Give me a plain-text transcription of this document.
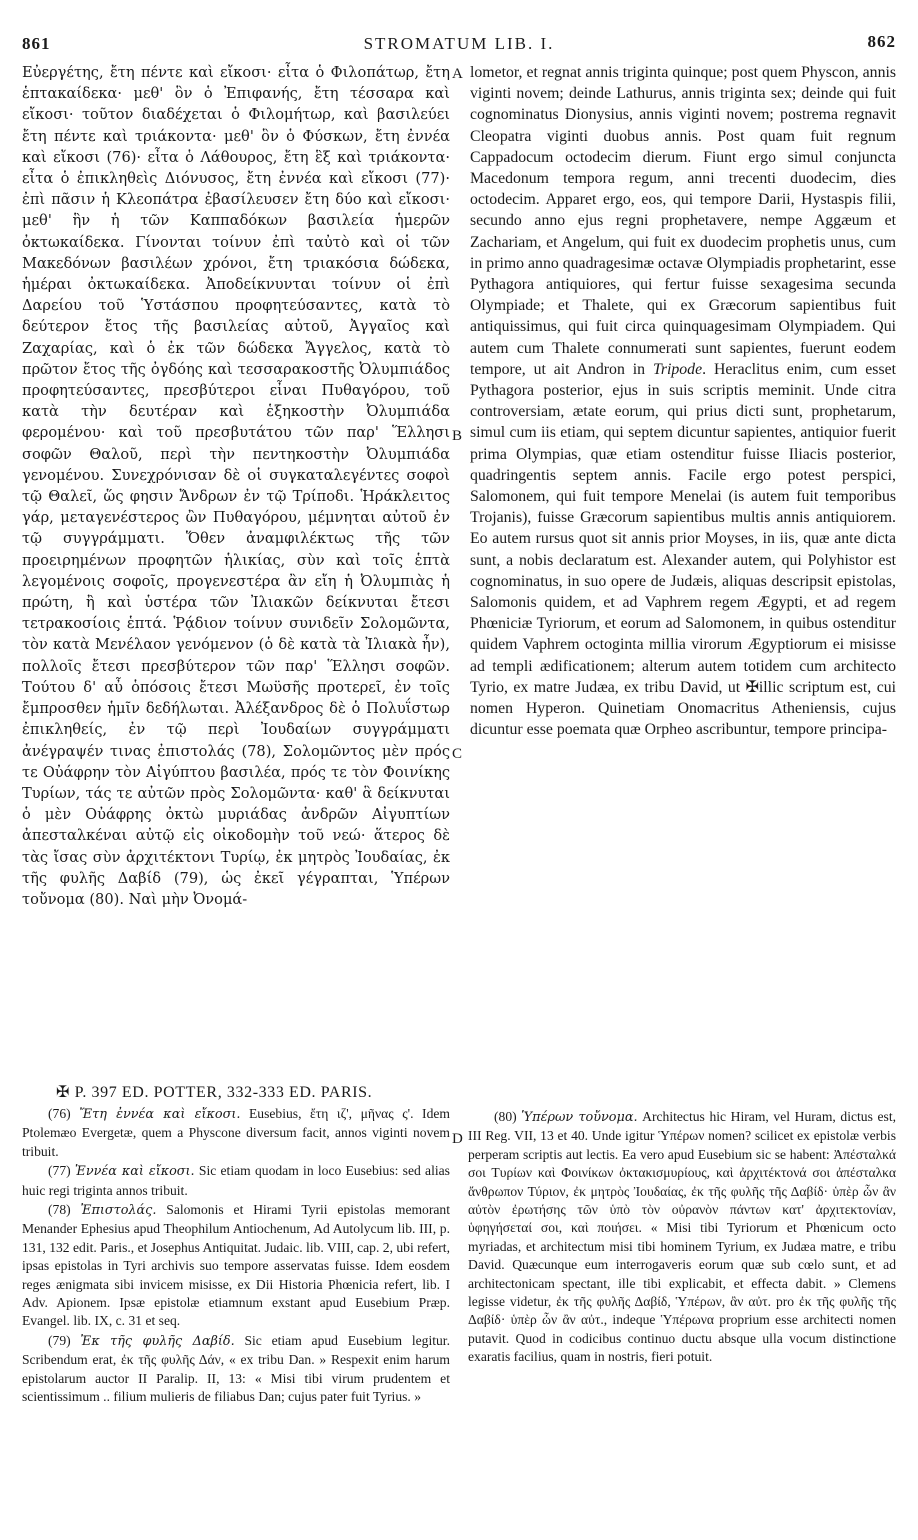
861	STROMATUM LIB. I.	862
Εὐεργέτης, ἔτη πέντε καὶ εἴκοσι· εἶτα ὁ Φιλοπάτωρ, ἔτη ἑπτακαίδεκα· μεθ' ὃν ὁ Ἐπιφανής, ἔτη τέσσαρα καὶ εἴκοσι· τοῦτον διαδέχεται ὁ Φιλομήτωρ, καὶ βασιλεύει ἔτη πέντε καὶ τριάκοντα· μεθ' ὃν ὁ Φύσκων, ἔτη ἐννέα καὶ εἴκοσι (76)· εἶτα ὁ Λάθουρος, ἔτη ἓξ καὶ τριάκοντα· εἶτα ὁ ἐπικληθεὶς Διόνυσος, ἔτη ἐννέα καὶ εἴκοσι (77)· ἐπὶ πᾶσιν ἡ Κλεοπάτρα ἐβασίλευσεν ἔτη δύο καὶ εἴκοσι· μεθ' ἣν ἡ τῶν Καππαδόκων βασιλεία ἡμερῶν ὀκτωκαίδεκα. Γίνονται τοίνυν ἐπὶ ταὐτὸ καὶ οἱ τῶν Μακεδόνων βασιλέων χρόνοι, ἔτη τριακόσια δώδεκα, ἡμέραι ὀκτωκαίδεκα. Ἀποδείκνυνται τοίνυν οἱ ἐπὶ Δαρείου τοῦ Ὑστάσπου προφητεύσαντες, κατὰ τὸ δεύτερον ἔτος τῆς βασιλείας αὐτοῦ, Ἀγγαῖος καὶ Ζαχαρίας, καὶ ὁ ἐκ τῶν δώδεκα Ἄγγελος, κατὰ τὸ πρῶτον ἔτος τῆς ὀγδόης καὶ τεσσαρακοστῆς Ὀλυμπιάδος προφητεύσαντες, πρεσβύτεροι εἶναι Πυθαγόρου, τοῦ κατὰ τὴν δευτέραν καὶ ἑξηκοστὴν Ὀλυμπιάδα φερομένου· καὶ τοῦ πρεσβυτάτου τῶν παρ' Ἕλλησι σοφῶν Θαλοῦ, περὶ τὴν πεντηκοστὴν Ὀλυμπιάδα γενομένου. Συνεχρόνισαν δὲ οἱ συγκαταλεγέντες σοφοὶ τῷ Θαλεῖ, ὥς φησιν Ἄνδρων ἐν τῷ Τρίποδι. Ἡράκλειτος γάρ, μεταγενέστερος ὢν Πυθαγόρου, μέμνηται αὐτοῦ ἐν τῷ συγγράμματι. Ὅθεν ἀναμφιλέκτως τῆς τῶν προειρημένων προφητῶν ἡλικίας, σὺν καὶ τοῖς ἑπτὰ λεγομένοις σοφοῖς, προγενεστέρα ἂν εἴη ἡ Ὀλυμπιὰς ἡ πρώτη, ἢ καὶ ὑστέρα τῶν Ἰλιακῶν δείκνυται ἔτεσι τετρακοσίοις ἑπτά. Ῥᾴδιον τοίνυν συνιδεῖν Σολομῶντα, τὸν κατὰ Μενέλαον γενόμενον (ὁ δὲ κατὰ τὰ Ἰλιακὰ ἦν), πολλοῖς ἔτεσι πρεσβύτερον τῶν παρ' Ἕλλησι σοφῶν. Τούτου δ' αὖ ὁπόσοις ἔτεσι Μωϋσῆς προτερεῖ, ἐν τοῖς ἔμπροσθεν ἡμῖν δεδήλωται. Ἀλέξανδρος δὲ ὁ Πολυΐστωρ ἐπικληθείς, ἐν τῷ περὶ Ἰουδαίων συγγράμματι ἀνέγραψέν τινας ἐπιστολάς (78), Σολομῶντος μὲν πρός τε Οὐάφρην τὸν Αἰγύπτου βασιλέα, πρός τε τὸν Φοινίκης Τυρίων, τάς τε αὐτῶν πρὸς Σολομῶντα· καθ' ἃ δείκνυται ὁ μὲν Οὐάφρης ὀκτὼ μυριάδας ἀνδρῶν Αἰγυπτίων ἀπεσταλκέναι αὐτῷ εἰς οἰκοδομὴν τοῦ νεώ· ἅτερος δὲ τὰς ἴσας σὺν ἀρχιτέκτονι Τυρίῳ, ἐκ μητρὸς Ἰουδαίας, ἐκ τῆς φυλῆς Δαβίδ (79), ὡς ἐκεῖ γέγραπται, Ὑπέρων τοὔνομα (80). Ναὶ μὴν Ὀνομά-
A
B
C
D
lometor, et regnat annis triginta quinque; post quem Physcon, annis viginti novem; deinde Lathurus, annis triginta sex; deinde qui fuit cognominatus Dionysius, annis viginti novem; postrema regnavit Cleopatra viginti duobus annis. Post quam fuit regnum Cappadocum octodecim dierum. Fiunt ergo simul conjuncta Macedonum tempora regum, anni trecenti duodecim, dies octodecim. Apparet ergo, eos, qui tempore Darii, Hystaspis filii, secundo anno ejus regni prophetavere, nempe Aggæum et Zachariam, et Angelum, qui fuit ex duodecim prophetis unus, cum in primo anno quadragesimæ octavæ Olympiadis prophetarint, esse Pythagora antiquiores, qui fertur fuisse sexagesima secunda Olympiade; et Thalete, qui ex Græcorum sapientibus fuit antiquissimus, qui fuit circa quinquagesimam Olympiadem. Qui autem cum Thalete connumerati sunt sapientes, fuerunt eodem tempore, ut ait Andron in Tripode. Heraclitus enim, cum esset Pythagora posterior, ejus in suis scriptis meminit. Unde citra controversiam, ætate eorum, qui prius dicti sunt, prophetarum, simul cum iis etiam, qui septem dicuntur sapientes, antiquior fuerit prima Olympias, quæ etiam ostenditur fuisse Iliacis posterior, quadringentis septem annis. Facile ergo potest perspici, Salomonem, qui fuit tempore Menelai (is autem fuit temporibus Trojanis), fuisse Græcorum sapientibus multis annis antiquiorem. Eo autem rursus quot sit annis prior Moyses, in iis, quæ ante dicta sunt, a nobis declaratum est. Alexander autem, qui Polyhistor est cognominatus, in suo opere de Judæis, aliquas descripsit epistolas, Salomonis quidem, et ad Vaphrem regem Ægypti, et ad regem Phœniciæ Tyriorum, et eorum ad Salomonem, in quibus ostenditur quidem Vaphrem octoginta millia virorum Ægyptiorum ei misisse ad templi ædificationem; alterum autem totidem cum architecto Tyrio, ex matre Judæa, ex tribu David, ut ✠illic scriptum est, cui nomen Hyperon. Quinetiam Onomacritus Atheniensis, cujus dicuntur esse poemata quæ Orpheo ascribuntur, tempore principa-
✠ P. 397 ED. POTTER, 332-333 ED. PARIS.
(76) Ἔτη ἐννέα καὶ εἴκοσι. Eusebius, ἔτη ιζ', μῆνας ς'. Idem Ptolemæo Evergetæ, quem a Physcone diversum facit, annos viginti novem tribuit.
(77) Ἐννέα καὶ εἴκοσι. Sic etiam quodam in loco Eusebius: sed alias huic regi triginta annos tribuit.
(78) Ἐπιστολάς. Salomonis et Hirami Tyrii epistolas memorant Menander Ephesius apud Theophilum Antiochenum, Ad Autolycum lib. III, p. 131, 132 edit. Paris., et Josephus Antiquitat. Judaic. lib. VIII, cap. 2, ubi refert, ipsas epistolas in Tyri archivis suo tempore asservatas fuisse. Idem eosdem reges ænigmata sibi invicem misisse, ex Dii Historia Phœnicia refert, lib. I Adv. Apionem. Ipsæ epistolæ etiamnum exstant apud Eusebium Præp. Evangel. lib. IX, c. 31 et seq.
(79) Ἐκ τῆς φυλῆς Δαβίδ. Sic etiam apud Eusebium legitur. Scribendum erat, ἐκ τῆς φυλῆς Δάν, « ex tribu Dan. » Respexit enim harum epistolarum auctor II Paralip. II, 13: « Misi tibi virum prudentem et scientissimum .. filium mulieris de filiabus Dan; cujus pater fuit Tyrius. »
(80) Ὑπέρων τοὔνομα. Architectus hic Hiram, vel Huram, dictus est, III Reg. VII, 13 et 40. Unde igitur Ὑπέρων nomen? scilicet ex epistolæ verbis perperam scriptis aut lectis. Ea vero apud Eusebium sic se habent: Ἀπέσταλκά σοι Τυρίων καὶ Φοινίκων ὀκτακισμυρίους, καὶ ἀρχιτέκτονά σοι ἀπέσταλκα ἄνθρωπον Τύριον, ἐκ μητρὸς Ἰουδαίας, ἐκ τῆς φυλῆς τῆς Δαβίδ· ὑπὲρ ὧν ἂν αὐτὸν ἐρωτήσης τῶν ὑπὸ τὸν οὐρανὸν πάντων κατ' ἀρχιτεκτονίαν, ὑφηγήσεταί σοι, καὶ ποιήσει. « Misi tibi Tyriorum et Phœnicum octo myriadas, et architectum misi tibi hominem Tyrium, ex Judæa matre, e tribu David. Quæcunque eum interrogaveris eorum quæ sub cœlo sunt, et ad architectonicam spectant, ille tibi explicabit, et effecta dabit. » Clemens legisse videtur, ἐκ τῆς φυλῆς Δαβίδ, Ὑπέρων, ἂν αὐτ. pro ἐκ τῆς φυλῆς τῆς Δαβίδ· ὑπὲρ ὧν ἂν αὐτ., indeque Ὑπέρωνα proprium esse architecti nomen putavit. Quod in codicibus continuo ductu absque ulla vocum distinctione exaratis facilius, quam in nostris, fieri potuit.
